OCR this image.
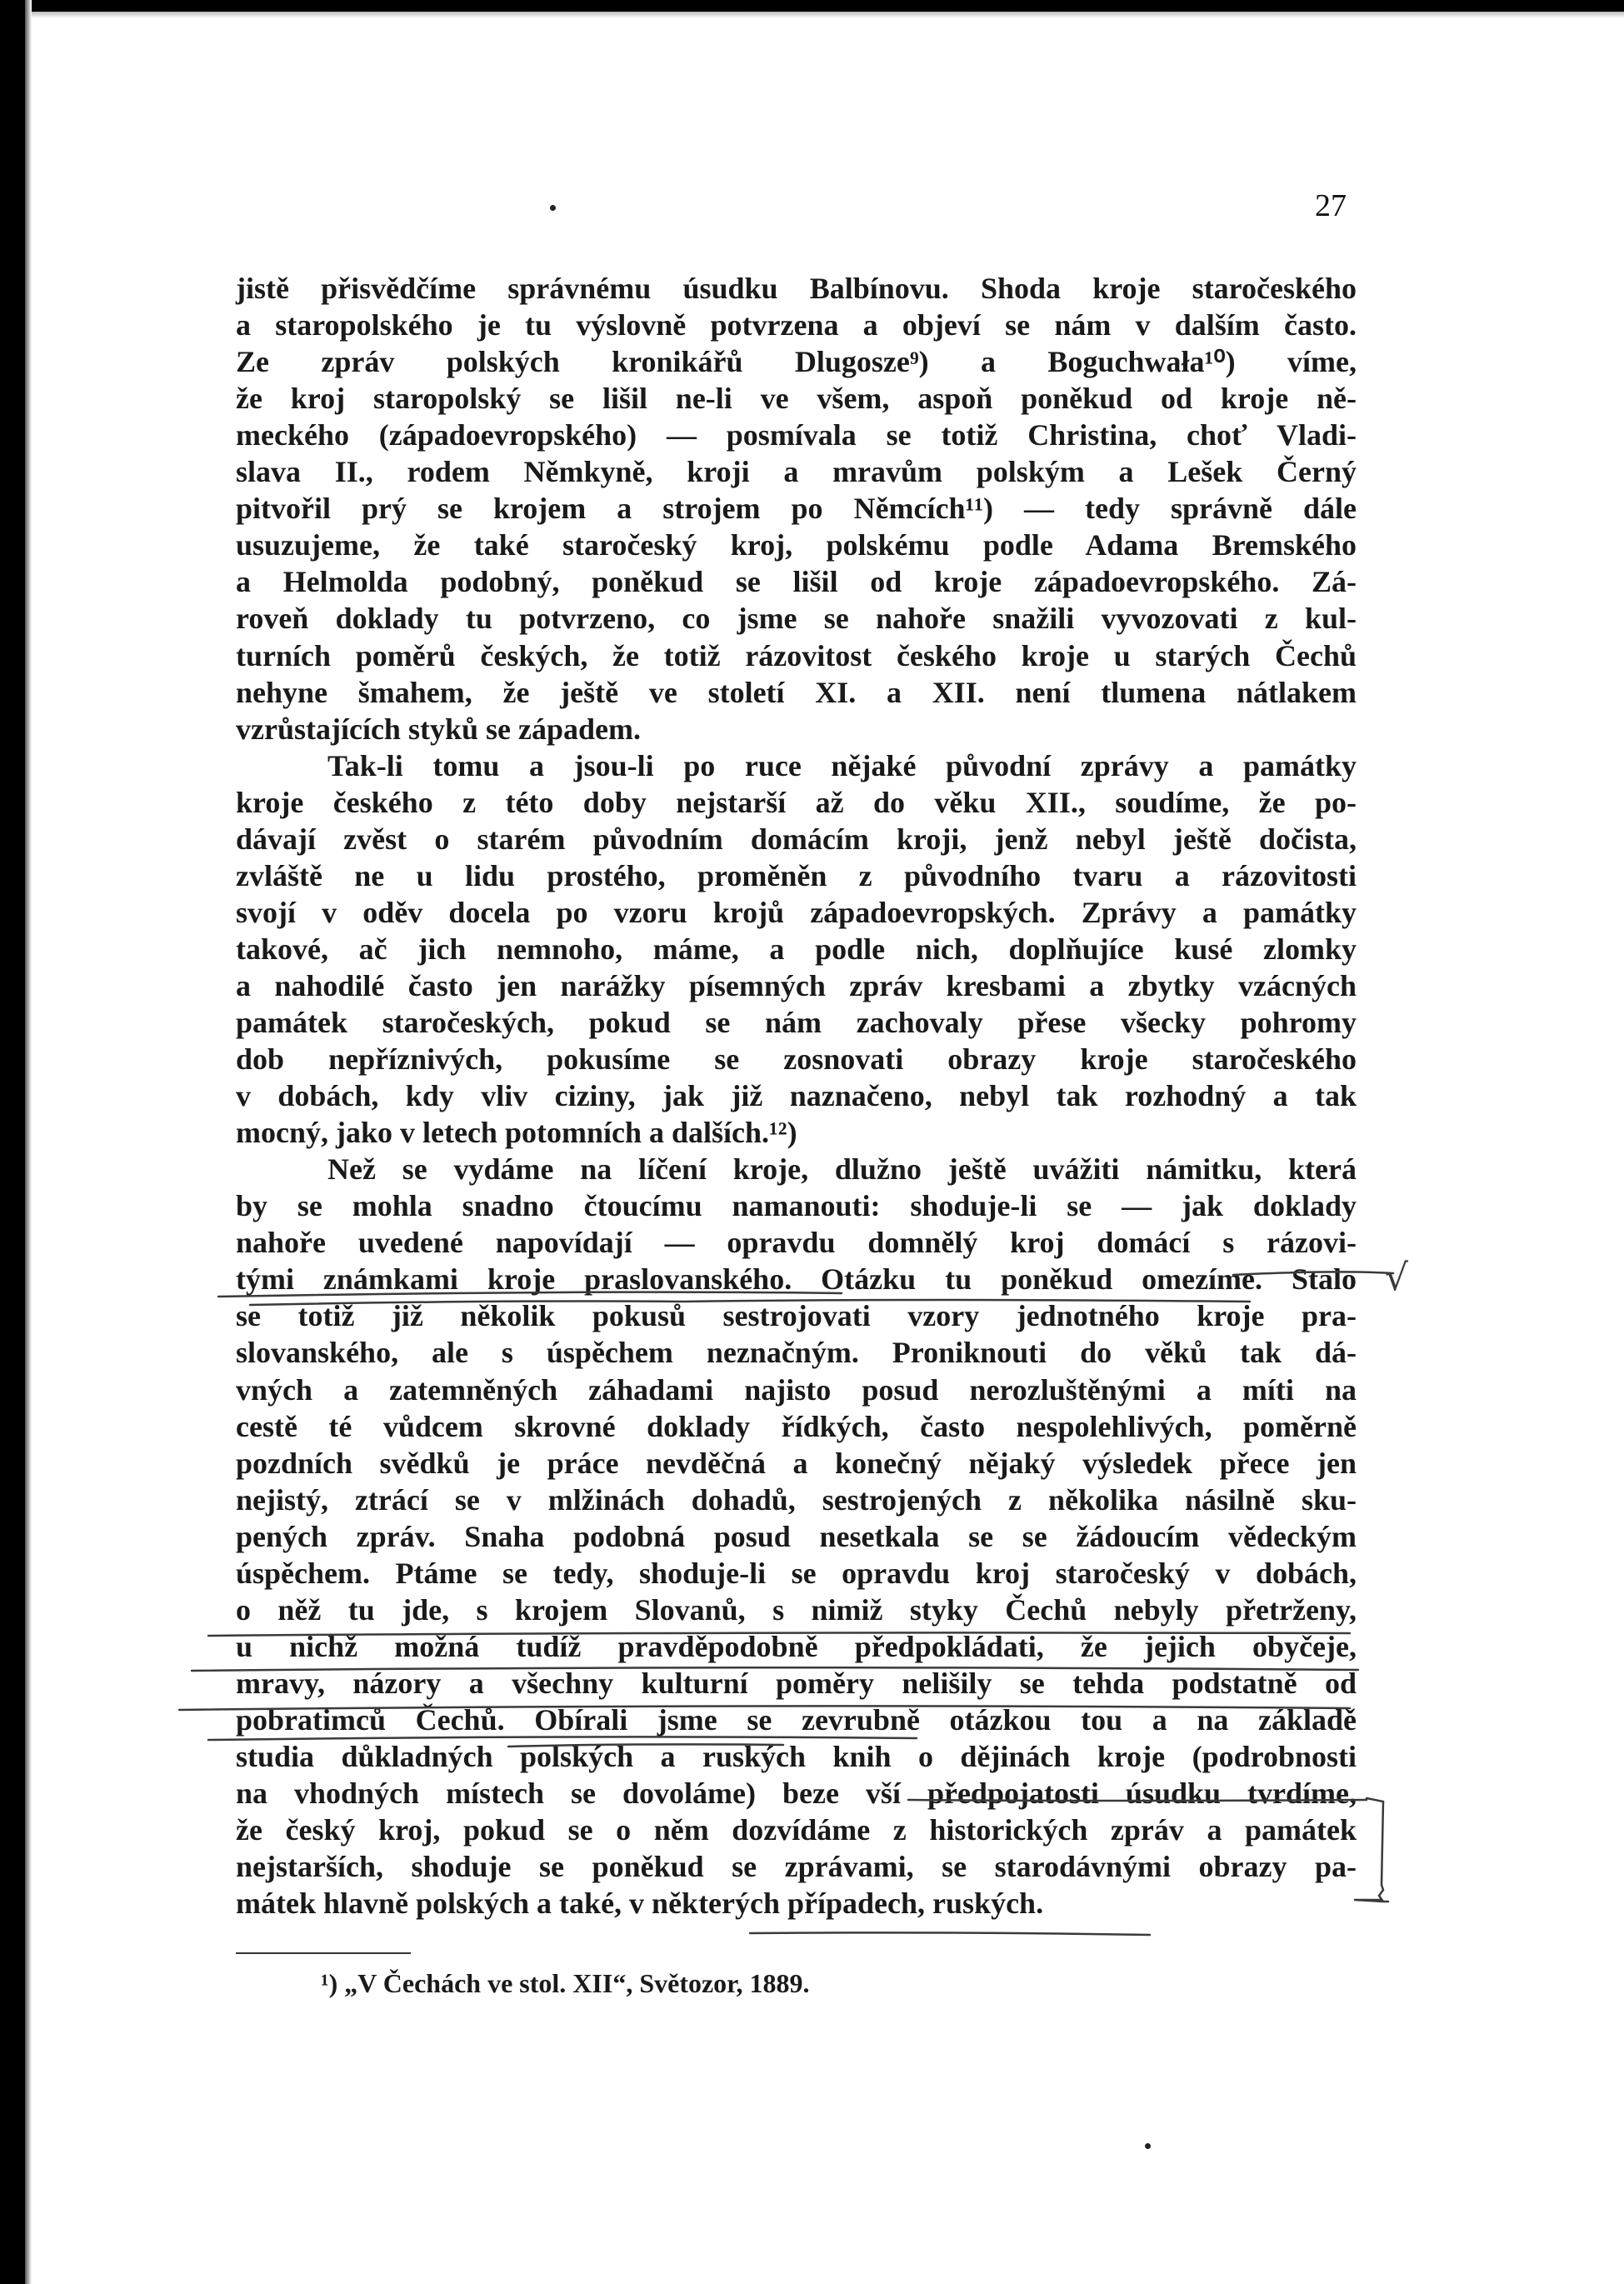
27
jistě přisvědčíme správnému úsudku Balbínovu. Shoda kroje staročeského
a staropolského je tu výslovně potvrzena a objeví se nám v dalším často.
Ze zpráv polských kronikářů Dlugosze⁹) a Boguchwała¹⁰) víme,
že kroj staropolský se lišil ne-li ve všem, aspoň poněkud od kroje ně-
meckého (západoevropského) — posmívala se totiž Christina, choť Vladi-
slava II., rodem Němkyně, kroji a mravům polským a Lešek Černý
pitvořil prý se krojem a strojem po Němcích¹¹) — tedy správně dále
usuzujeme, že také staročeský kroj, polskému podle Adama Bremského
a Helmolda podobný, poněkud se lišil od kroje západoevropského. Zá-
roveň doklady tu potvrzeno, co jsme se nahoře snažili vyvozovati z kul-
turních poměrů českých, že totiž rázovitost českého kroje u starých Čechů
nehyne šmahem, že ještě ve století XI. a XII. není tlumena nátlakem
vzrůstajících styků se západem.
Tak-li tomu a jsou-li po ruce nějaké původní zprávy a památky
kroje českého z této doby nejstarší až do věku XII., soudíme, že po-
dávají zvěst o starém původním domácím kroji, jenž nebyl ještě dočista,
zvláště ne u lidu prostého, proměněn z původního tvaru a rázovitosti
svojí v oděv docela po vzoru krojů západoevropských. Zprávy a památky
takové, ač jich nemnoho, máme, a podle nich, doplňujíce kusé zlomky
a nahodilé často jen narážky písemných zpráv kresbami a zbytky vzácných
památek staročeských, pokud se nám zachovaly přese všecky pohromy
dob nepříznivých, pokusíme se zosnovati obrazy kroje staročeského
v dobách, kdy vliv ciziny, jak již naznačeno, nebyl tak rozhodný a tak
mocný, jako v letech potomních a dalších.¹²)
Než se vydáme na líčení kroje, dlužno ještě uvážiti námitku, která
by se mohla snadno čtoucímu namanouti: shoduje-li se — jak doklady
nahoře uvedené napovídají — opravdu domnělý kroj domácí s rázovi-
tými známkami kroje praslovanského. Otázku tu poněkud omezíme. Stalo
se totiž již několik pokusů sestrojovati vzory jednotného kroje pra-
slovanského, ale s úspěchem neznačným. Proniknouti do věků tak dá-
vných a zatemněných záhadami najisto posud nerozluštěnými a míti na
cestě té vůdcem skrovné doklady řídkých, často nespolehlivých, poměrně
pozdních svědků je práce nevděčná a konečný nějaký výsledek přece jen
nejistý, ztrácí se v mlžinách dohadů, sestrojených z několika násilně sku-
pených zpráv. Snaha podobná posud nesetkala se se žádoucím vědeckým
úspěchem. Ptáme se tedy, shoduje-li se opravdu kroj staročeský v dobách,
o něž tu jde, s krojem Slovanů, s nimiž styky Čechů nebyly přetrženy,
u nichž možná tudíž pravděpodobně předpokládati, že jejich obyčeje,
mravy, názory a všechny kulturní poměry nelišily se tehda podstatně od
pobratimců Čechů. Obírali jsme se zevrubně otázkou tou a na základě
studia důkladných polských a ruských knih o dějinách kroje (podrobnosti
na vhodných místech se dovoláme) beze vší předpojatosti úsudku tvrdíme,
že český kroj, pokud se o něm dozvídáme z historických zpráv a památek
nejstarších, shoduje se poněkud se zprávami, se starodávnými obrazy pa-
mátek hlavně polských a také, v některých případech, ruských.
¹) „V Čechách ve stol. XII“, Světozor, 1889.
√
